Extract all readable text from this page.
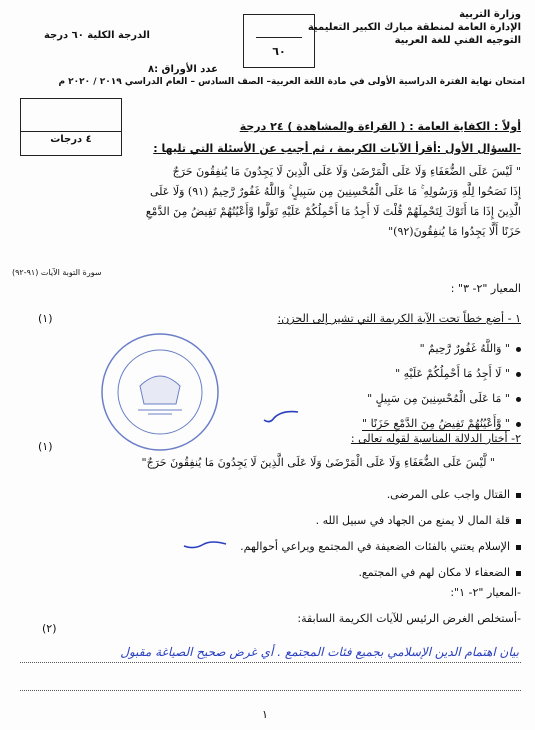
وزارة التربية
الإدارة العامة لمنطقة مبارك الكبير التعليمية
التوجيه الفني للغة العربية
٦٠
الدرجة الكلية ٦٠ درجة
عدد الأوراق :٨
امتحان نهاية الفترة الدراسية الأولى في مادة اللغة العربية– الصف السادس – العام الدراسي ٢٠١٩ / ٢٠٢٠ م
٤ درجات
أولاً : الكفاية العامة : ( القراءة والمشاهدة ) ٢٤ درجة
-السؤال الأول :أقرأ الآيات الكريمة ، ثم أجيب عن الأسئلة التي تليها :
" لَيْسَ عَلَى الضُّعَفَاءِ وَلَا عَلَى الْمَرْضَىٰ وَلَا عَلَى الَّذِينَ لَا يَجِدُونَ مَا يُنفِقُونَ حَرَجٌ
إِذَا نَصَحُوا لِلَّهِ وَرَسُولِهِ ۚ مَا عَلَى الْمُحْسِنِينَ مِن سَبِيلٍ ۚ وَاللَّهُ غَفُورٌ رَّحِيمٌ (٩١) وَلَا عَلَى
الَّذِينَ إِذَا مَا أَتَوْكَ لِتَحْمِلَهُمْ قُلْتَ لَا أَجِدُ مَا أَحْمِلُكُمْ عَلَيْهِ تَوَلَّوا وَّأَعْيُنُهُمْ تَفِيضُ مِنَ الدَّمْعِ
حَزَنًا أَلَّا يَجِدُوا مَا يُنفِقُونَ(٩٢)"
سورة التوبة الآيات (٩١-٩٢)
المعيار "٢- ٣" :
١ - أضع خطاً تحت الآية الكريمة التي تشير إلى الحزن:
(١)
" وَاللَّهُ غَفُورٌ رَّحِيمٌ "
" لَا أَجِدُ مَا أَحْمِلُكُمْ عَلَيْهِ "
" مَا عَلَى الْمُحْسِنِينَ مِن سَبِيلٍ "
" وَّأَعْيُنُهُمْ تَفِيضُ مِنَ الدَّمْعِ حَزَنًا "
٢- أختار الدلالة المناسبة لقوله تعالى :
(١)
" لَّيْسَ عَلَى الضُّعَفَاءِ وَلَا عَلَى الْمَرْضَىٰ وَلَا عَلَى الَّذِينَ لَا يَجِدُونَ مَا يُنفِقُونَ حَرَجٌ"
القتال واجب على المرضى.
قلة المال لا يمنع من الجهاد في سبيل الله .
الإسلام يعتني بالفئات الضعيفة في المجتمع ويراعي أحوالهم.
الضعفاء لا مكان لهم في المجتمع.
-المعيار "٢- ١":
-أستخلص الغرض الرئيس للآيات الكريمة السابقة:
(٢)
بيان اهتمام الدين الإسلامي بجميع فئات المجتمع . أي غرض صحيح الصياغة مقبول
١
